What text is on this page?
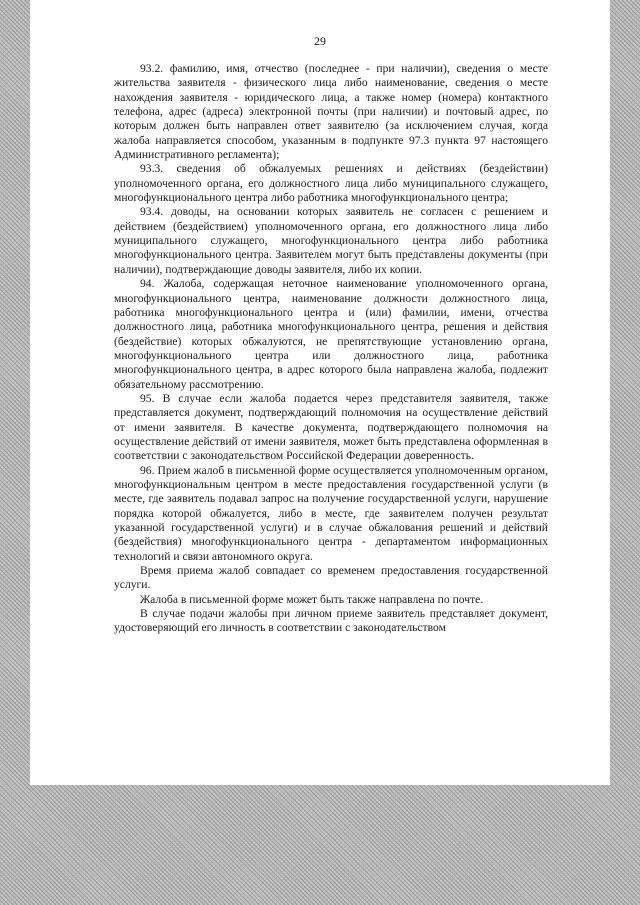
29

93.2. фамилию, имя, отчество (последнее - при наличии), сведения о месте жительства заявителя - физического лица либо наименование, сведения о месте нахождения заявителя - юридического лица, а также номер (номера) контактного телефона, адрес (адреса) электронной почты (при наличии) и почтовый адрес, по которым должен быть направлен ответ заявителю (за исключением случая, когда жалоба направляется способом, указанным в подпункте 97.3 пункта 97 настоящего Административного регламента);

93.3. сведения об обжалуемых решениях и действиях (бездействии) уполномоченного органа, его должностного лица либо муниципального служащего, многофункционального центра либо работника многофункционального центра;

93.4. доводы, на основании которых заявитель не согласен с решением и действием (бездействием) уполномоченного органа, его должностного лица либо муниципального служащего, многофункционального центра либо работника многофункционального центра. Заявителем могут быть представлены документы (при наличии), подтверждающие доводы заявителя, либо их копии.

94. Жалоба, содержащая неточное наименование уполномоченного органа, многофункционального центра, наименование должности должностного лица, работника многофункционального центра и (или) фамилии, имени, отчества должностного лица, работника многофункционального центра, решения и действия (бездействие) которых обжалуются, не препятствующие установлению органа, многофункционального центра или должностного лица, работника многофункционального центра, в адрес которого была направлена жалоба, подлежит обязательному рассмотрению.

95. В случае если жалоба подается через представителя заявителя, также представляется документ, подтверждающий полномочия на осуществление действий от имени заявителя. В качестве документа, подтверждающего полномочия на осуществление действий от имени заявителя, может быть представлена оформленная в соответствии с законодательством Российской Федерации доверенность.

96. Прием жалоб в письменной форме осуществляется уполномоченным органом, многофункциональным центром в месте предоставления государственной услуги (в месте, где заявитель подавал запрос на получение государственной услуги, нарушение порядка которой обжалуется, либо в месте, где заявителем получен результат указанной государственной услуги) и в случае обжалования решений и действий (бездействия) многофункционального центра - департаментом информационных технологий и связи автономного округа.

Время приема жалоб совпадает со временем предоставления государственной услуги.

Жалоба в письменной форме может быть также направлена по почте.

В случае подачи жалобы при личном приеме заявитель представляет документ, удостоверяющий его личность в соответствии с законодательством
